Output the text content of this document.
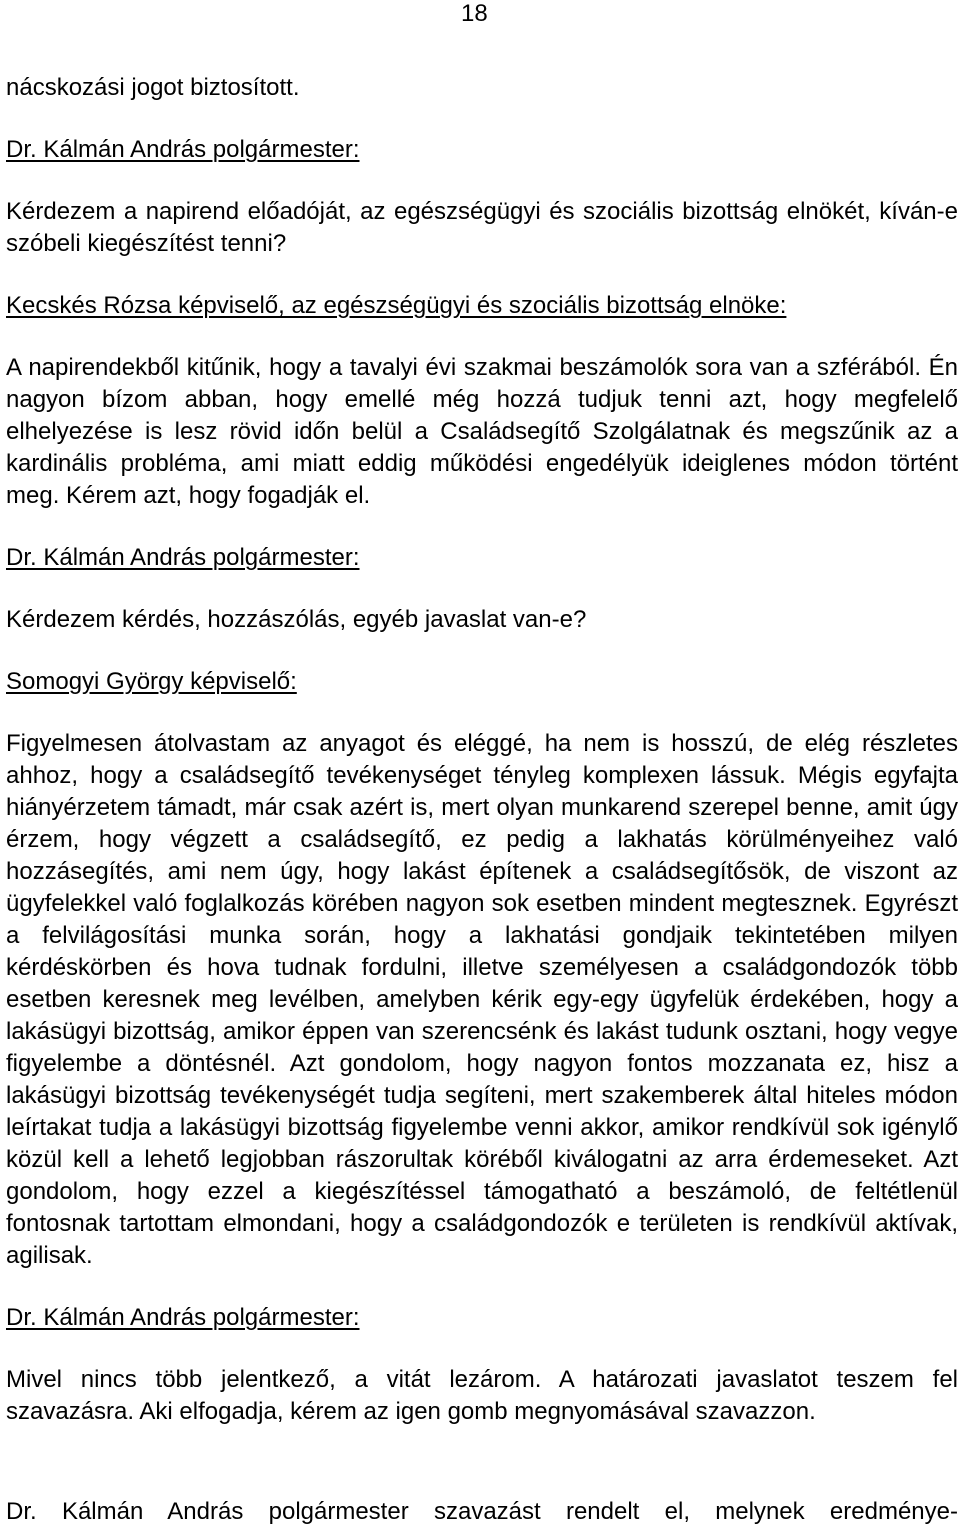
18

nácskozási jogot biztosított.

Dr. Kálmán András polgármester:

Kérdezem a napirend előadóját, az egészségügyi és szociális bizottság elnökét, kíván-e szóbeli kiegészítést tenni?

Kecskés Rózsa képviselő, az egészségügyi és szociális bizottság elnöke:

A napirendekből kitűnik, hogy a tavalyi évi szakmai beszámolók sora van a szférából. Én nagyon bízom abban, hogy emellé még hozzá tudjuk tenni azt, hogy megfelelő elhelyezése is lesz rövid időn belül a Családsegítő Szolgálatnak és megszűnik az a kardinális probléma, ami miatt eddig működési engedélyük ideiglenes módon történt meg. Kérem azt, hogy fogadják el.

Dr. Kálmán András polgármester:

Kérdezem kérdés, hozzászólás, egyéb javaslat van-e?

Somogyi György képviselő:

Figyelmesen átolvastam az anyagot és eléggé, ha nem is hosszú, de elég részletes ahhoz, hogy a családsegítő tevékenységet tényleg komplexen lássuk. Mégis egyfajta hiányérzetem támadt, már csak azért is, mert olyan munkarend szerepel benne, amit úgy érzem, hogy végzett a családsegítő, ez pedig a lakhatás körülményeihez való hozzásegítés, ami nem úgy, hogy lakást építenek a családsegítősök, de viszont az ügyfelekkel való foglalkozás körében nagyon sok esetben mindent megtesznek. Egyrészt a felvilágosítási munka során, hogy a lakhatási gondjaik tekintetében milyen kérdéskörben és hova tudnak fordulni, illetve személyesen a családgondozók több esetben keresnek meg levélben, amelyben kérik egy-egy ügyfelük érdekében, hogy a lakásügyi bizottság, amikor éppen van szerencsénk és lakást tudunk osztani, hogy vegye figyelembe a döntésnél. Azt gondolom, hogy nagyon fontos mozzanata ez, hisz a lakásügyi bizottság tevékenységét tudja segíteni, mert szakemberek által hiteles módon leírtakat tudja a lakásügyi bizottság figyelembe venni akkor, amikor rendkívül sok igénylő közül kell a lehető legjobban rászorultak köréből kiválogatni az arra érdemeseket. Azt gondolom, hogy ezzel a kiegészítéssel támogatható a beszámoló, de feltétlenül fontosnak tartottam elmondani, hogy a családgondozók e területen is rendkívül aktívak, agilisak.

Dr. Kálmán András polgármester:

Mivel nincs több jelentkező, a vitát lezárom. A határozati javaslatot teszem fel szavazásra. Aki elfogadja, kérem az igen gomb megnyomásával szavazzon.

Dr. Kálmán András polgármester szavazást rendelt el, melynek eredménye-
